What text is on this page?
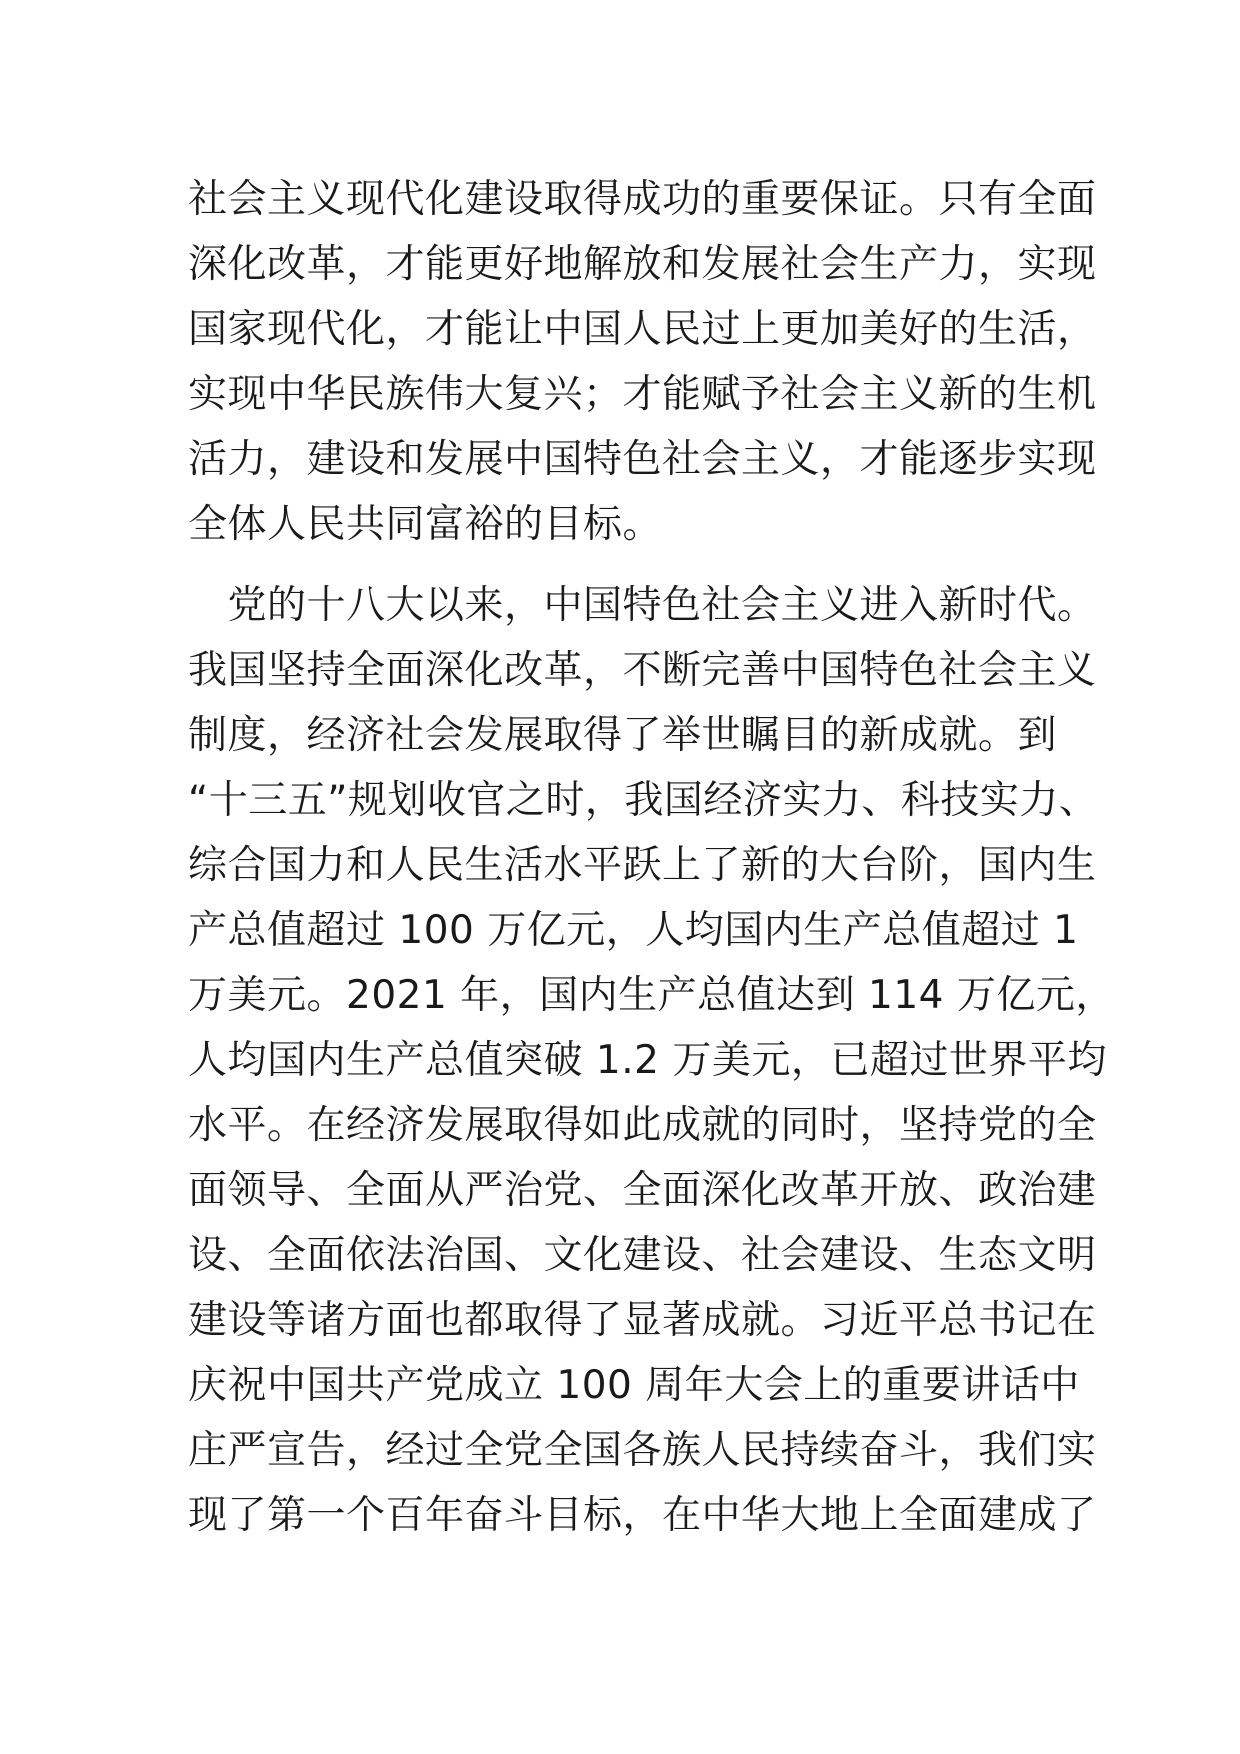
社会主义现代化建设取得成功的重要保证。只有全面
深化改革，才能更好地解放和发展社会生产力，实现
国家现代化，才能让中国人民过上更加美好的生活，
实现中华民族伟大复兴；才能赋予社会主义新的生机
活力，建设和发展中国特色社会主义，才能逐步实现
全体人民共同富裕的目标。

　党的十八大以来，中国特色社会主义进入新时代。
我国坚持全面深化改革，不断完善中国特色社会主义
制度，经济社会发展取得了举世瞩目的新成就。到
“十三五”规划收官之时，我国经济实力、科技实力、
综合国力和人民生活水平跃上了新的大台阶，国内生
产总值超过 100 万亿元，人均国内生产总值超过 1
万美元。2021 年，国内生产总值达到 114 万亿元，
人均国内生产总值突破 1.2 万美元，已超过世界平均
水平。在经济发展取得如此成就的同时，坚持党的全
面领导、全面从严治党、全面深化改革开放、政治建
设、全面依法治国、文化建设、社会建设、生态文明
建设等诸方面也都取得了显著成就。习近平总书记在
庆祝中国共产党成立 100 周年大会上的重要讲话中
庄严宣告，经过全党全国各族人民持续奋斗，我们实
现了第一个百年奋斗目标，在中华大地上全面建成了
